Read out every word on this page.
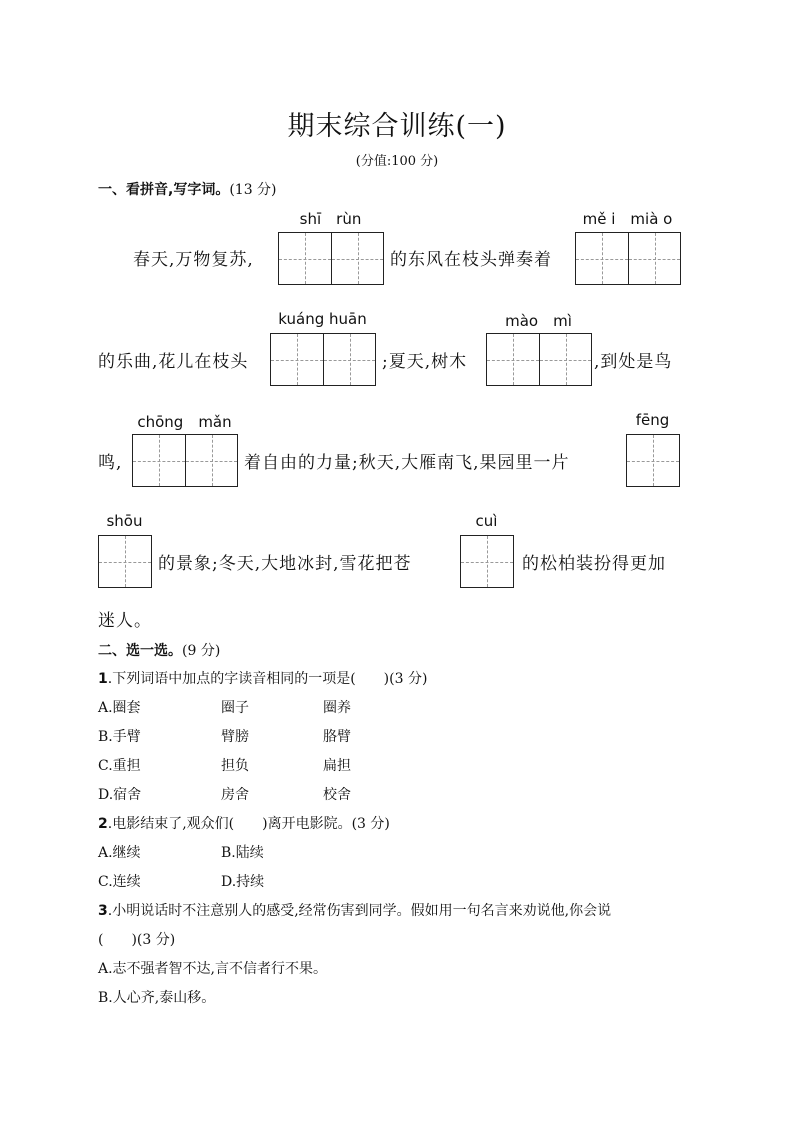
期末综合训练(一)
(分值:100 分)
一、看拼音,写字词。(13 分)
shī　rùn	mě i　mià o
春天,万物复苏,	的东风在枝头弹奏着
kuáng huān	mào　mì
的乐曲,花儿在枝头	;夏天,树木	,到处是鸟
chōng　mǎn	fēng
鸣,	着自由的力量;秋天,大雁南飞,果园里一片
shōu	cuì
的景象;冬天,大地冰封,雪花把苍	的松柏装扮得更加
迷人。
二、选一选。(9 分)
1.下列词语中加点的字读音相同的一项是(　　)(3 分)
A.圈套	圈子	圈养
B.手臂	臂膀	胳臂
C.重担	担负	扁担
D.宿舍	房舍	校舍
2.电影结束了,观众们(　　)离开电影院。(3 分)
A.继续	B.陆续
C.连续	D.持续
3.小明说话时不注意别人的感受,经常伤害到同学。假如用一句名言来劝说他,你会说
(　　)(3 分)
A.志不强者智不达,言不信者行不果。
B.人心齐,泰山移。
